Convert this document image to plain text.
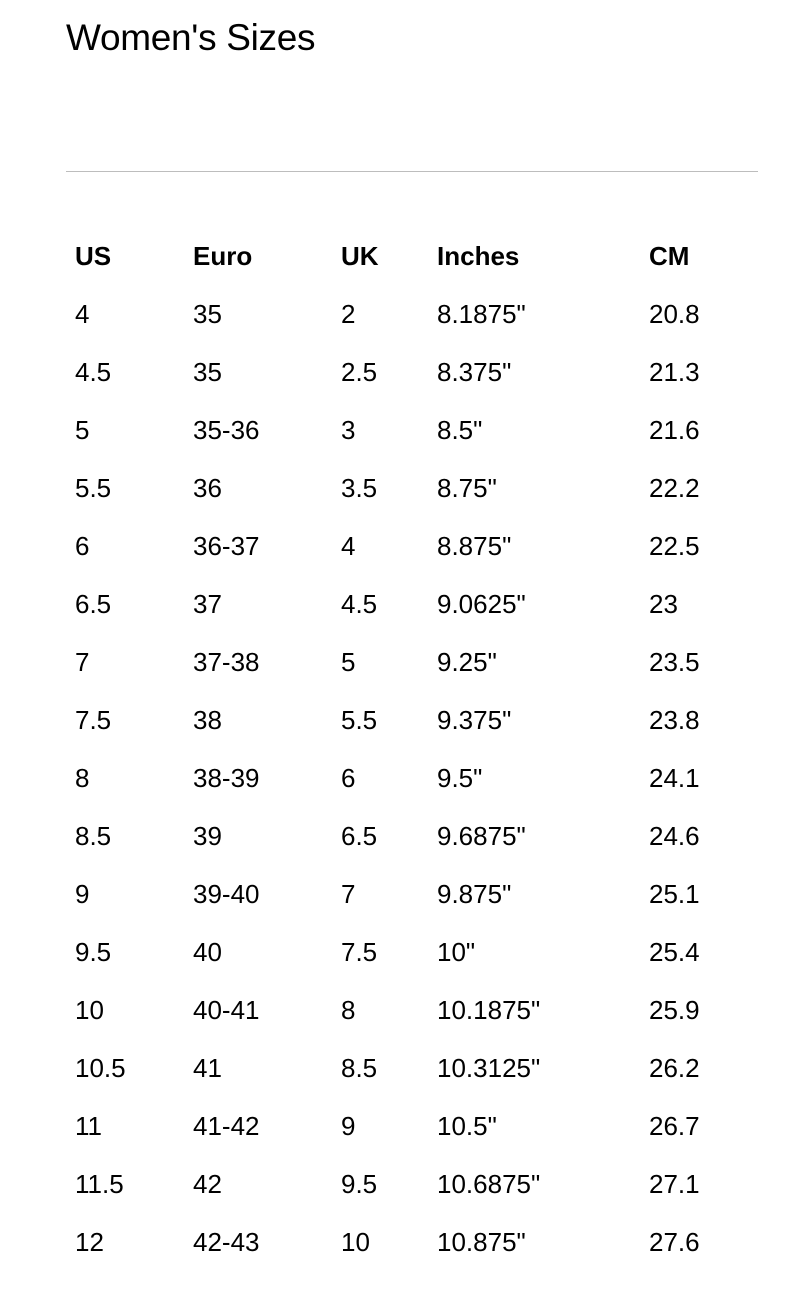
Women's Sizes
US	Euro	UK	Inches	CM
4	35	2	8.1875"	20.8
4.5	35	2.5	8.375"	21.3
5	35-36	3	8.5"	21.6
5.5	36	3.5	8.75"	22.2
6	36-37	4	8.875"	22.5
6.5	37	4.5	9.0625"	23
7	37-38	5	9.25"	23.5
7.5	38	5.5	9.375"	23.8
8	38-39	6	9.5"	24.1
8.5	39	6.5	9.6875"	24.6
9	39-40	7	9.875"	25.1
9.5	40	7.5	10"	25.4
10	40-41	8	10.1875"	25.9
10.5	41	8.5	10.3125"	26.2
11	41-42	9	10.5"	26.7
11.5	42	9.5	10.6875"	27.1
12	42-43	10	10.875"	27.6
